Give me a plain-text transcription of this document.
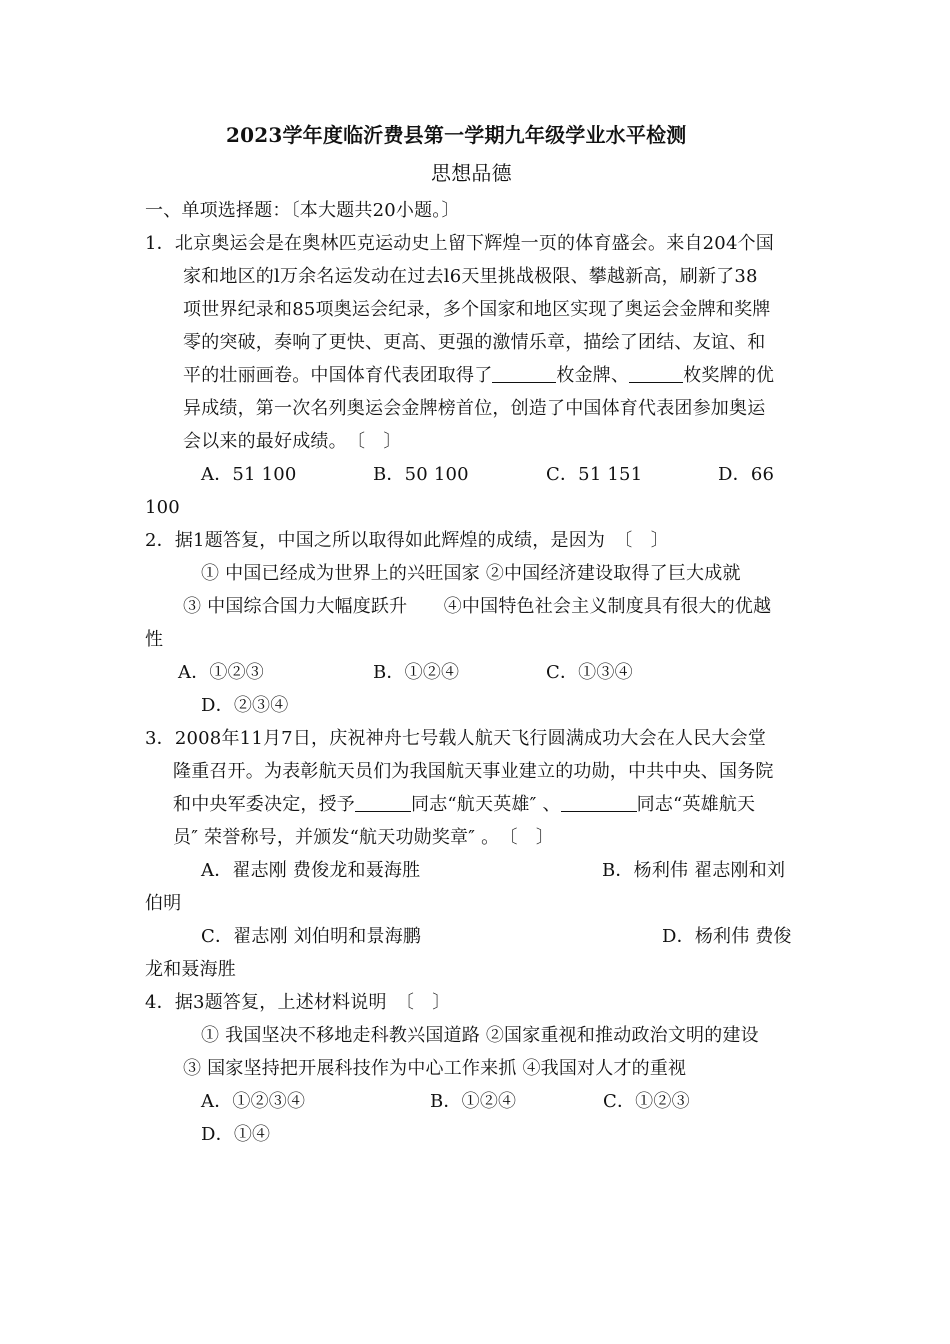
2023学年度临沂费县第一学期九年级学业水平检测
思想品德
一、单项选择题：〔本大题共20小题。〕
1．北京奥运会是在奥林匹克运动史上留下辉煌一页的体育盛会。来自204个国
家和地区的l万余名运发动在过去l6天里挑战极限、攀越新高，刷新了38
项世界纪录和85项奥运会纪录，多个国家和地区实现了奥运会金牌和奖牌
零的突破，奏响了更快、更高、更强的激情乐章，描绘了团结、友谊、和
平的壮丽画卷。中国体育代表团取得了	枚金牌、	枚奖牌的优
异成绩，第一次名列奥运会金牌榜首位，创造了中国体育代表团参加奥运
会以来的最好成绩。　〔　〕
A．51 100	B．50 100	C．51 151	D．66
100
2．据1题答复，中国之所以取得如此辉煌的成绩，是因为　〔　〕
① 中国已经成为世界上的兴旺国家 ②中国经济建设取得了巨大成就
③ 中国综合国力大幅度跃升　　④中国特色社会主义制度具有很大的优越
性
A．①②③	B．①②④	C．①③④
D．②③④
3．2008年11月7日，庆祝神舟七号载人航天飞行圆满成功大会在人民大会堂
隆重召开。为表彰航天员们为我国航天事业建立的功勋，中共中央、国务院
和中央军委决定，授予	同志“航天英雄″ 、	同志“英雄航天
员″ 荣誉称号，并颁发“航天功勋奖章″ 。　〔　〕
A．翟志刚 费俊龙和聂海胜	B．杨利伟 翟志刚和刘
伯明
C．翟志刚 刘伯明和景海鹏	D．杨利伟 费俊
龙和聂海胜
4．据3题答复，上述材料说明　〔　〕
① 我国坚决不移地走科教兴国道路 ②国家重视和推动政治文明的建设
③ 国家坚持把开展科技作为中心工作来抓 ④我国对人才的重视
A．①②③④	B．①②④	C．①②③
D．①④
